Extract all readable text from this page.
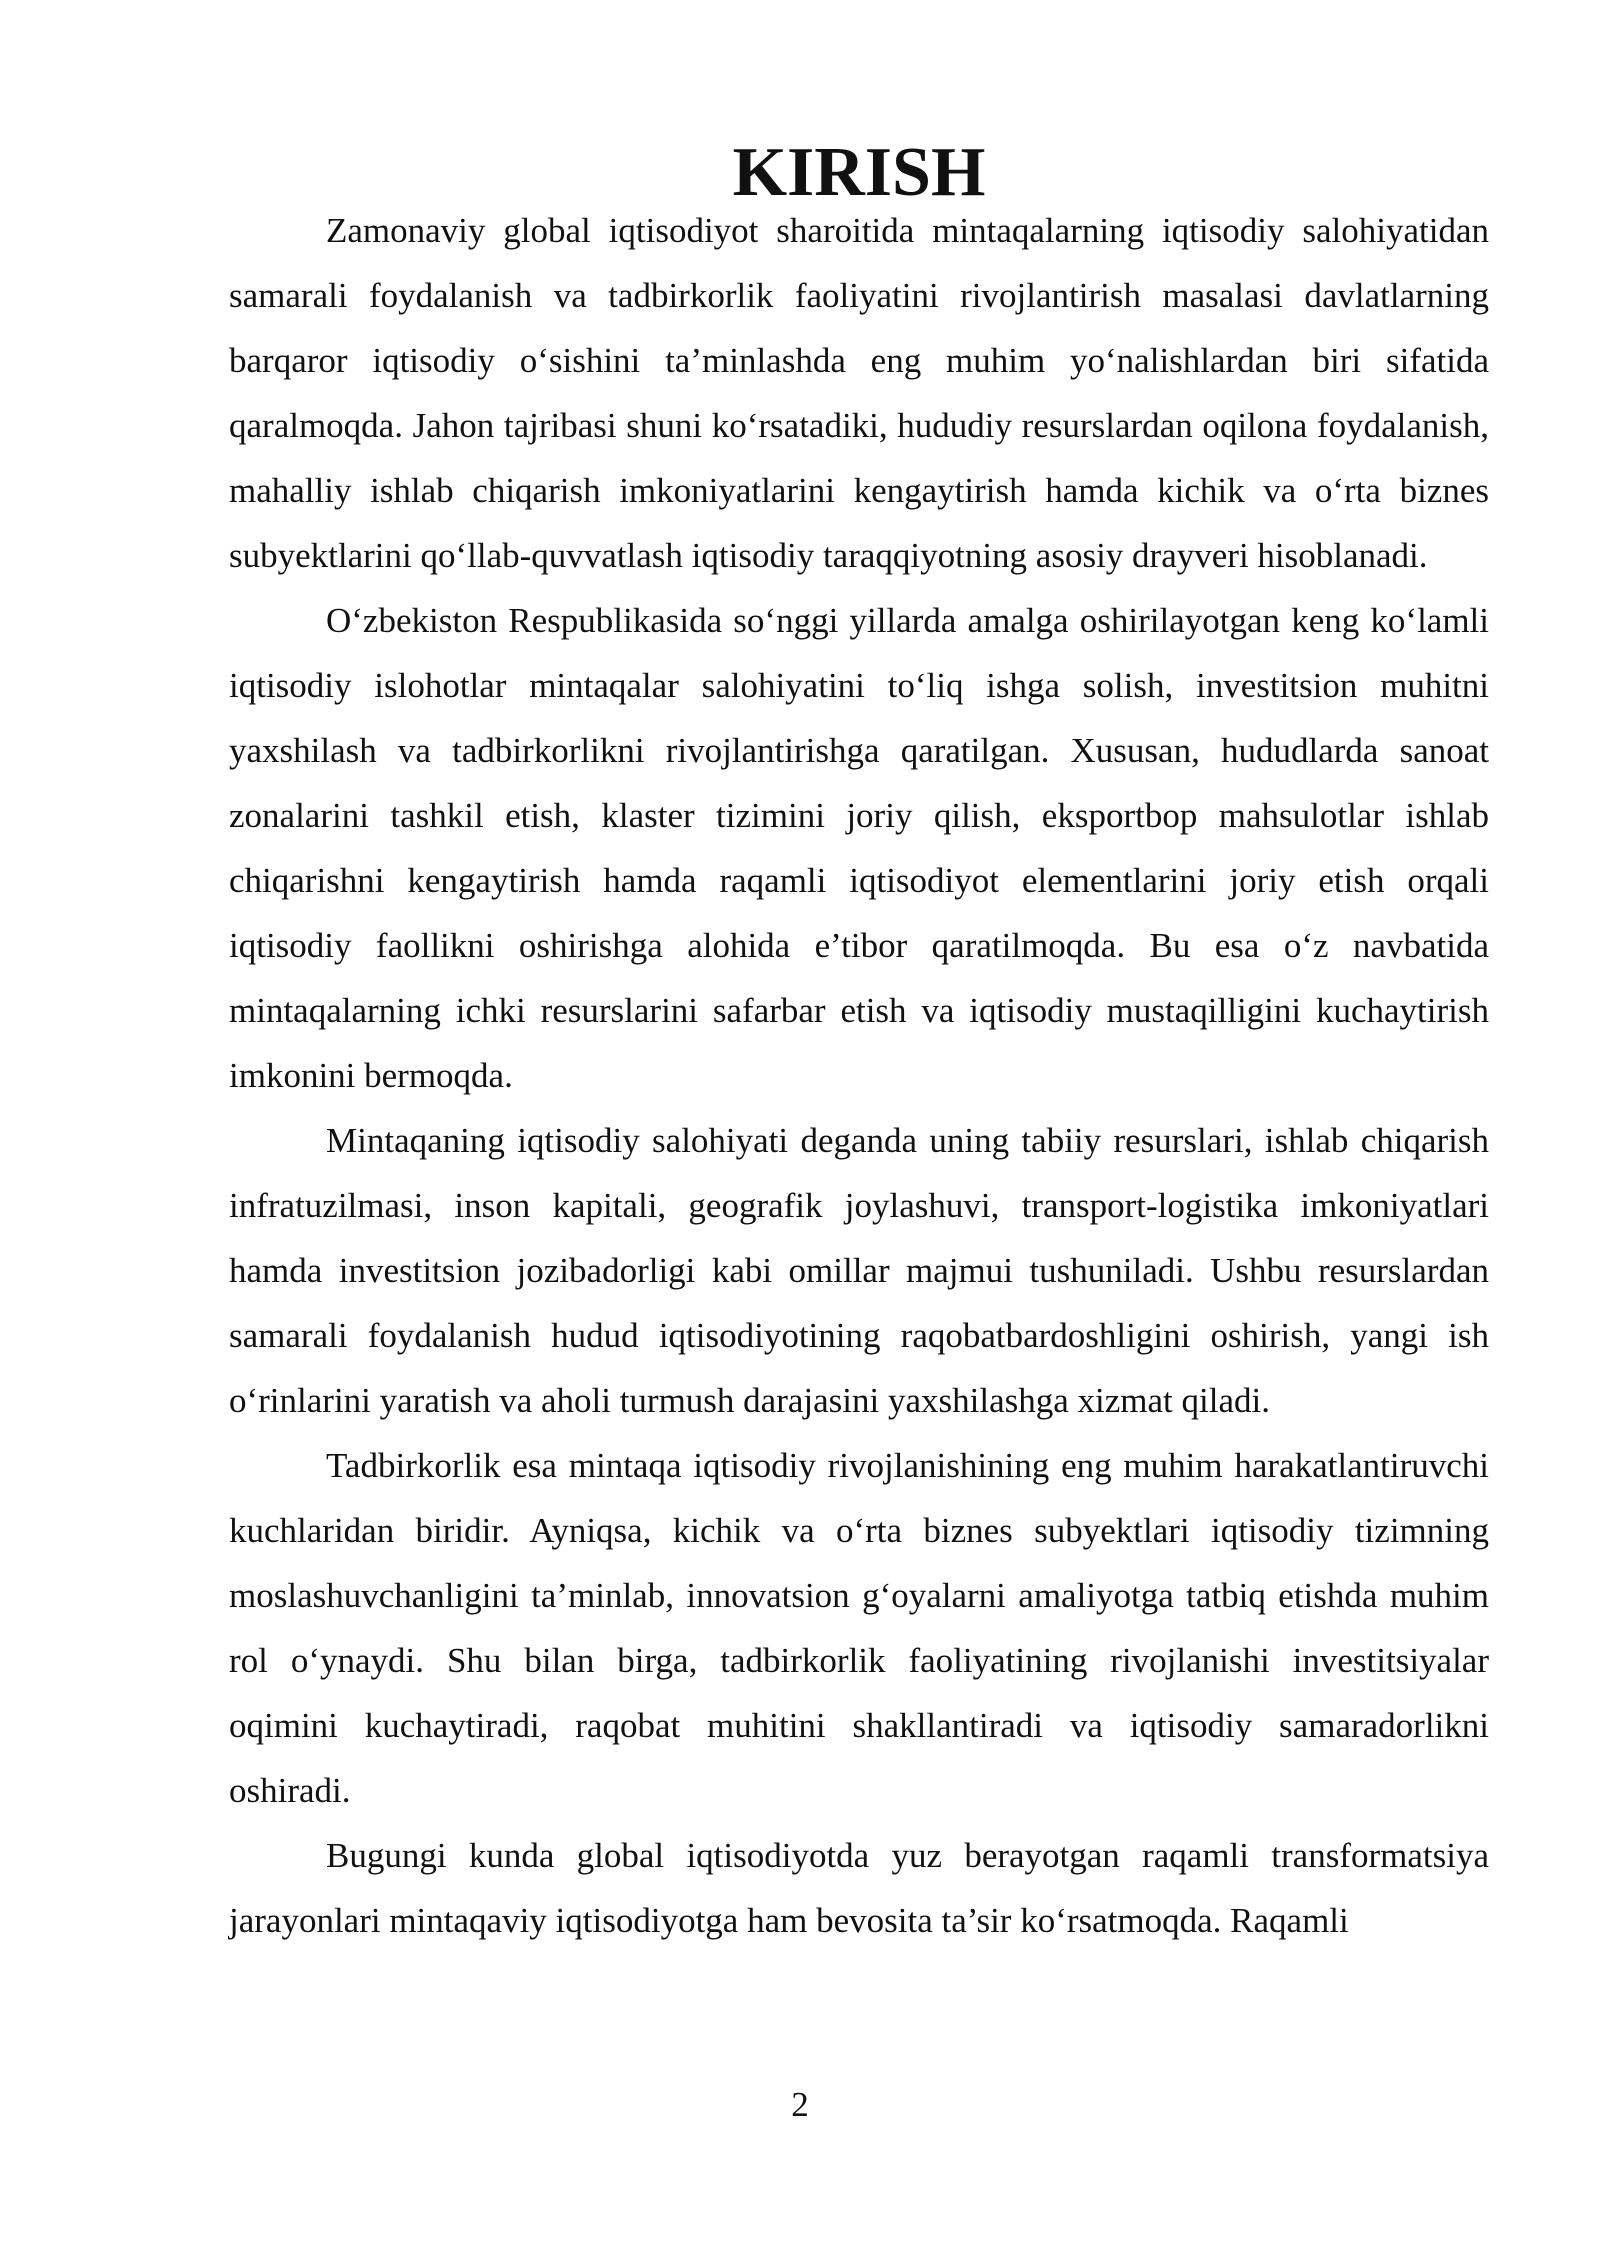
KIRISH

Zamonaviy global iqtisodiyot sharoitida mintaqalarning iqtisodiy salohiyatidan samarali foydalanish va tadbirkorlik faoliyatini rivojlantirish masalasi davlatlarning barqaror iqtisodiy o‘sishini ta’minlashda eng muhim yo‘nalishlardan biri sifatida qaralmoqda. Jahon tajribasi shuni ko‘rsatadiki, hududiy resurslardan oqilona foydalanish, mahalliy ishlab chiqarish imkoniyatlarini kengaytirish hamda kichik va o‘rta biznes subyektlarini qo‘llab-quvvatlash iqtisodiy taraqqiyotning asosiy drayveri hisoblanadi.

O‘zbekiston Respublikasida so‘nggi yillarda amalga oshirilayotgan keng ko‘lamli iqtisodiy islohotlar mintaqalar salohiyatini to‘liq ishga solish, investitsion muhitni yaxshilash va tadbirkorlikni rivojlantirishga qaratilgan. Xususan, hududlarda sanoat zonalarini tashkil etish, klaster tizimini joriy qilish, eksportbop mahsulotlar ishlab chiqarishni kengaytirish hamda raqamli iqtisodiyot elementlarini joriy etish orqali iqtisodiy faollikni oshirishga alohida e’tibor qaratilmoqda. Bu esa o‘z navbatida mintaqalarning ichki resurslarini safarbar etish va iqtisodiy mustaqilligini kuchaytirish imkonini bermoqda.

Mintaqaning iqtisodiy salohiyati deganda uning tabiiy resurslari, ishlab chiqarish infratuzilmasi, inson kapitali, geografik joylashuvi, transport-logistika imkoniyatlari hamda investitsion jozibadorligi kabi omillar majmui tushuniladi. Ushbu resurslardan samarali foydalanish hudud iqtisodiyotining raqobatbardoshligini oshirish, yangi ish o‘rinlarini yaratish va aholi turmush darajasini yaxshilashga xizmat qiladi.

Tadbirkorlik esa mintaqa iqtisodiy rivojlanishining eng muhim harakatlantiruvchi kuchlaridan biridir. Ayniqsa, kichik va o‘rta biznes subyektlari iqtisodiy tizimning moslashuvchanligini ta’minlab, innovatsion g‘oyalarni amaliyotga tatbiq etishda muhim rol o‘ynaydi. Shu bilan birga, tadbirkorlik faoliyatining rivojlanishi investitsiyalar oqimini kuchaytiradi, raqobat muhitini shakllantiradi va iqtisodiy samaradorlikni oshiradi.

Bugungi kunda global iqtisodiyotda yuz berayotgan raqamli transformatsiya jarayonlari mintaqaviy iqtisodiyotga ham bevosita ta’sir ko‘rsatmoqda. Raqamli

2
